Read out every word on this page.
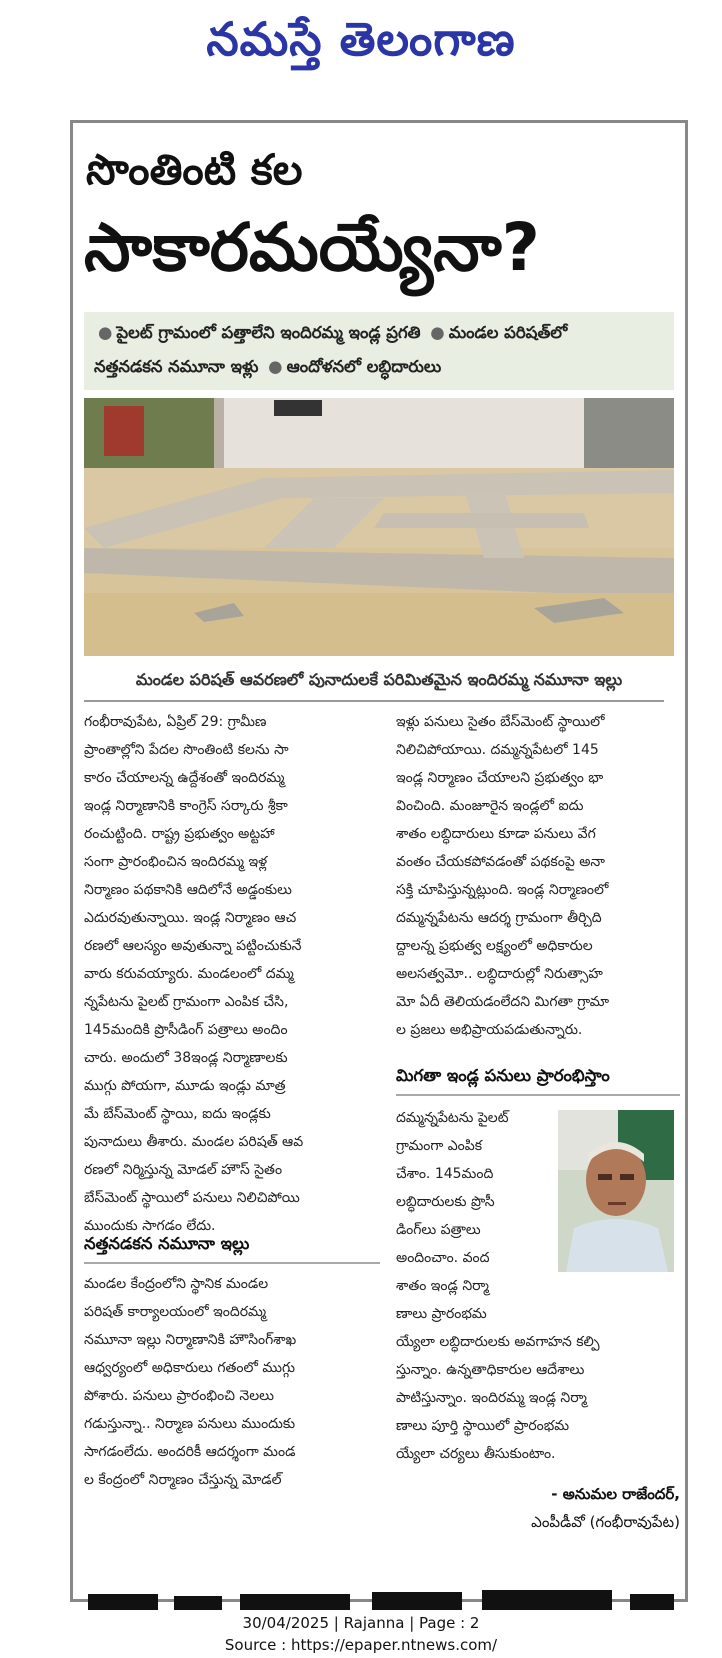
నమస్తే తెలంగాణ
సొంతింటి కల
సాకారమయ్యేనా?
● పైలట్ గ్రామంలో పత్తాలేని ఇందిరమ్మ ఇండ్ల ప్రగతి ● మండల పరిషత్‌లో
నత్తనడకన నమూనా ఇళ్లు ● ఆందోళనలో లబ్ధిదారులు
మండల పరిషత్ ఆవరణలో పునాదులకే పరిమితమైన ఇందిరమ్మ నమూనా ఇల్లు
గంభీరావుపేట, ఏప్రిల్ 29: గ్రామీణ
ప్రాంతాల్లోని పేదల సొంతింటి కలను సా
కారం చేయాలన్న ఉద్దేశంతో ఇందిరమ్మ
ఇండ్ల నిర్మాణానికి కాంగ్రెస్ సర్కారు శ్రీకా
రంచుట్టింది. రాష్ట్ర ప్రభుత్వం అట్టహా
సంగా ప్రారంభించిన ఇందిరమ్మ ఇళ్ల
నిర్మాణం పథకానికి ఆదిలోనే అడ్డంకులు
ఎదురవుతున్నాయి. ఇండ్ల నిర్మాణం ఆచ
రణలో ఆలస్యం అవుతున్నా పట్టించుకునే
వారు కరువయ్యారు. మండలంలో దమ్మ
న్నపేటను పైలట్ గ్రామంగా ఎంపిక చేసి,
145మందికి ప్రొసీడింగ్ పత్రాలు అందిం
చారు. అందులో 38ఇండ్ల నిర్మాణాలకు
ముగ్గు పోయగా, మూడు ఇండ్లు మాత్ర
మే బేస్‌మెంట్ స్థాయి, ఐదు ఇండ్లకు
పునాదులు తీశారు. మండల పరిషత్ ఆవ
రణలో నిర్మిస్తున్న మోడల్ హౌస్ సైతం
బేస్‌మెంట్ స్థాయిలో పనులు నిలిచిపోయి
ముందుకు సాగడం లేదు.
నత్తనడకన నమూనా ఇల్లు
మండల కేంద్రంలోని స్థానిక మండల
పరిషత్ కార్యాలయంలో ఇందిరమ్మ
నమూనా ఇల్లు నిర్మాణానికి హౌసింగ్‌శాఖ
ఆధ్వర్యంలో అధికారులు గతంలో ముగ్గు
పోశారు. పనులు ప్రారంభించి నెలలు
గడుస్తున్నా.. నిర్మాణ పనులు ముందుకు
సాగడంలేదు. అందరికీ ఆదర్శంగా మండ
ల కేంద్రంలో నిర్మాణం చేస్తున్న మోడల్
ఇళ్లు పనులు సైతం బేస్‌మెంట్ స్థాయిలో
నిలిచిపోయాయి. దమ్మన్నపేటలో 145
ఇండ్ల నిర్మాణం చేయాలని ప్రభుత్వం భా
వించింది. మంజూరైన ఇండ్లలో ఐదు
శాతం లబ్ధిదారులు కూడా పనులు వేగ
వంతం చేయకపోవడంతో పథకంపై అనా
సక్తి చూపిస్తున్నట్లుంది. ఇండ్ల నిర్మాణంలో
దమ్మన్నపేటను ఆదర్శ గ్రామంగా తీర్చిది
ద్దాలన్న ప్రభుత్వ లక్ష్యంలో అధికారుల
అలసత్వమో.. లబ్ధిదారుల్లో నిరుత్సాహ
మో ఏదీ తెలియడంలేదని మిగతా గ్రామా
ల ప్రజలు అభిప్రాయపడుతున్నారు.
మిగతా ఇండ్ల పనులు ప్రారంభిస్తాం
దమ్మన్నపేటను పైలట్
గ్రామంగా ఎంపిక
చేశాం. 145మంది
లబ్ధిదారులకు ప్రొసీ
డింగ్‌లు పత్రాలు
అందించాం. వంద
శాతం ఇండ్ల నిర్మా
ణాలు ప్రారంభమ
య్యేలా లబ్ధిదారులకు అవగాహన కల్పి
స్తున్నాం. ఉన్నతాధికారుల ఆదేశాలు
పాటిస్తున్నాం. ఇందిరమ్మ ఇండ్ల నిర్మా
ణాలు పూర్తి స్థాయిలో ప్రారంభమ
య్యేలా చర్యలు తీసుకుంటాం.
- అనుమల రాజేందర్,
ఎంపీడీవో (గంభీరావుపేట)
30/04/2025 | Rajanna | Page : 2
Source : https://epaper.ntnews.com/
